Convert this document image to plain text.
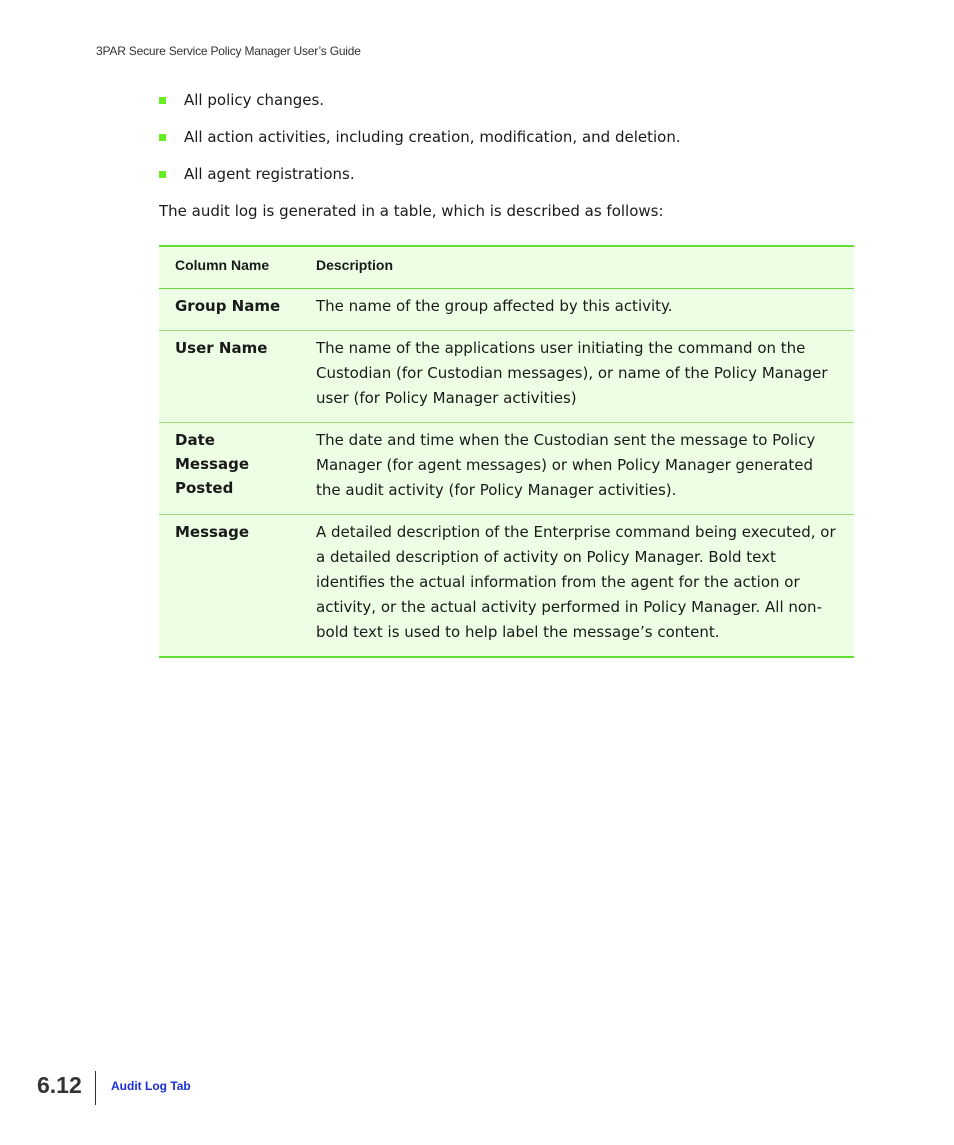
3PAR Secure Service Policy Manager User’s Guide
All policy changes.
All action activities, including creation, modification, and deletion.
All agent registrations.

The audit log is generated in a table, which is described as follows:

Column Name	Description
Group Name	The name of the group affected by this activity.
User Name	The name of the applications user initiating the command on the Custodian (for Custodian messages), or name of the Policy Manager user (for Policy Manager activities)
Date Message Posted	The date and time when the Custodian sent the message to Policy Manager (for agent messages) or when Policy Manager generated the audit activity (for Policy Manager activities).
Message	A detailed description of the Enterprise command being executed, or a detailed description of activity on Policy Manager. Bold text identifies the actual information from the agent for the action or activity, or the actual activity performed in Policy Manager. All non-bold text is used to help label the message’s content.
6.12 Audit Log Tab
